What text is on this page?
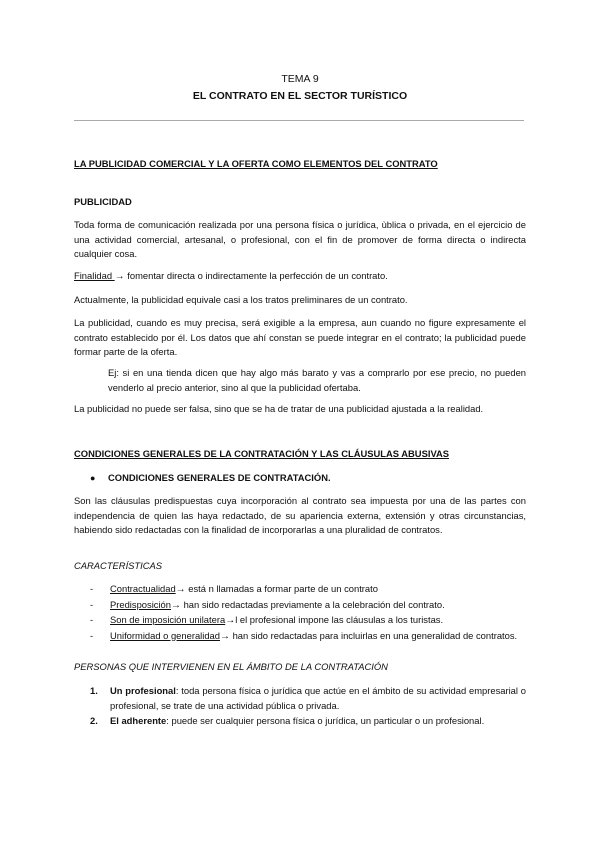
TEMA 9
EL CONTRATO EN EL SECTOR TURÍSTICO
LA PUBLICIDAD COMERCIAL Y LA OFERTA COMO ELEMENTOS DEL CONTRATO
PUBLICIDAD
Toda forma de comunicación realizada por una persona física o jurídica, ùblica o privada, en el ejercicio de una actividad comercial, artesanal, o profesional, con el fin de promover de forma directa o indirecta cualquier cosa.
Finalidad → fomentar directa o indirectamente la perfección de un contrato.
Actualmente, la publicidad equivale casi a los tratos preliminares de un contrato.
La publicidad, cuando es muy precisa, será exigible a la empresa, aun cuando no figure expresamente el contrato establecido por él. Los datos que ahí constan se puede integrar en el contrato; la publicidad puede formar parte de la oferta.
Ej: si en una tienda dicen que hay algo más barato y vas a comprarlo por ese precio, no pueden venderlo al precio anterior, sino al que la publicidad ofertaba.
La publicidad no puede ser falsa, sino que se ha de tratar de una publicidad ajustada a la realidad.
CONDICIONES GENERALES DE LA CONTRATACIÓN Y LAS CLÁUSULAS ABUSIVAS
● CONDICIONES GENERALES DE CONTRATACIÓN.
Son las cláusulas predispuestas cuya incorporación al contrato sea impuesta por una de las partes con independencia de quien las haya redactado, de su apariencia externa, extensión y otras circunstancias, habiendo sido redactadas con la finalidad de incorporarlas a una pluralidad de contratos.
CARACTERÍSTICAS
- Contractualidad→ está n llamadas a formar parte de un contrato
- Predisposición→ han sido redactadas previamente a la celebración del contrato.
- Son de imposición unilatera→l el profesional impone las cláusulas a los turistas.
- Uniformidad o generalidad→ han sido redactadas para incluirlas en una generalidad de contratos.
PERSONAS QUE INTERVIENEN EN EL ÁMBITO DE LA CONTRATACIÓN
1. Un profesional: toda persona física o jurídica que actúe en el ámbito de su actividad empresarial o profesional, se trate de una actividad pública o privada.
2. El adherente: puede ser cualquier persona física o jurídica, un particular o un profesional.
